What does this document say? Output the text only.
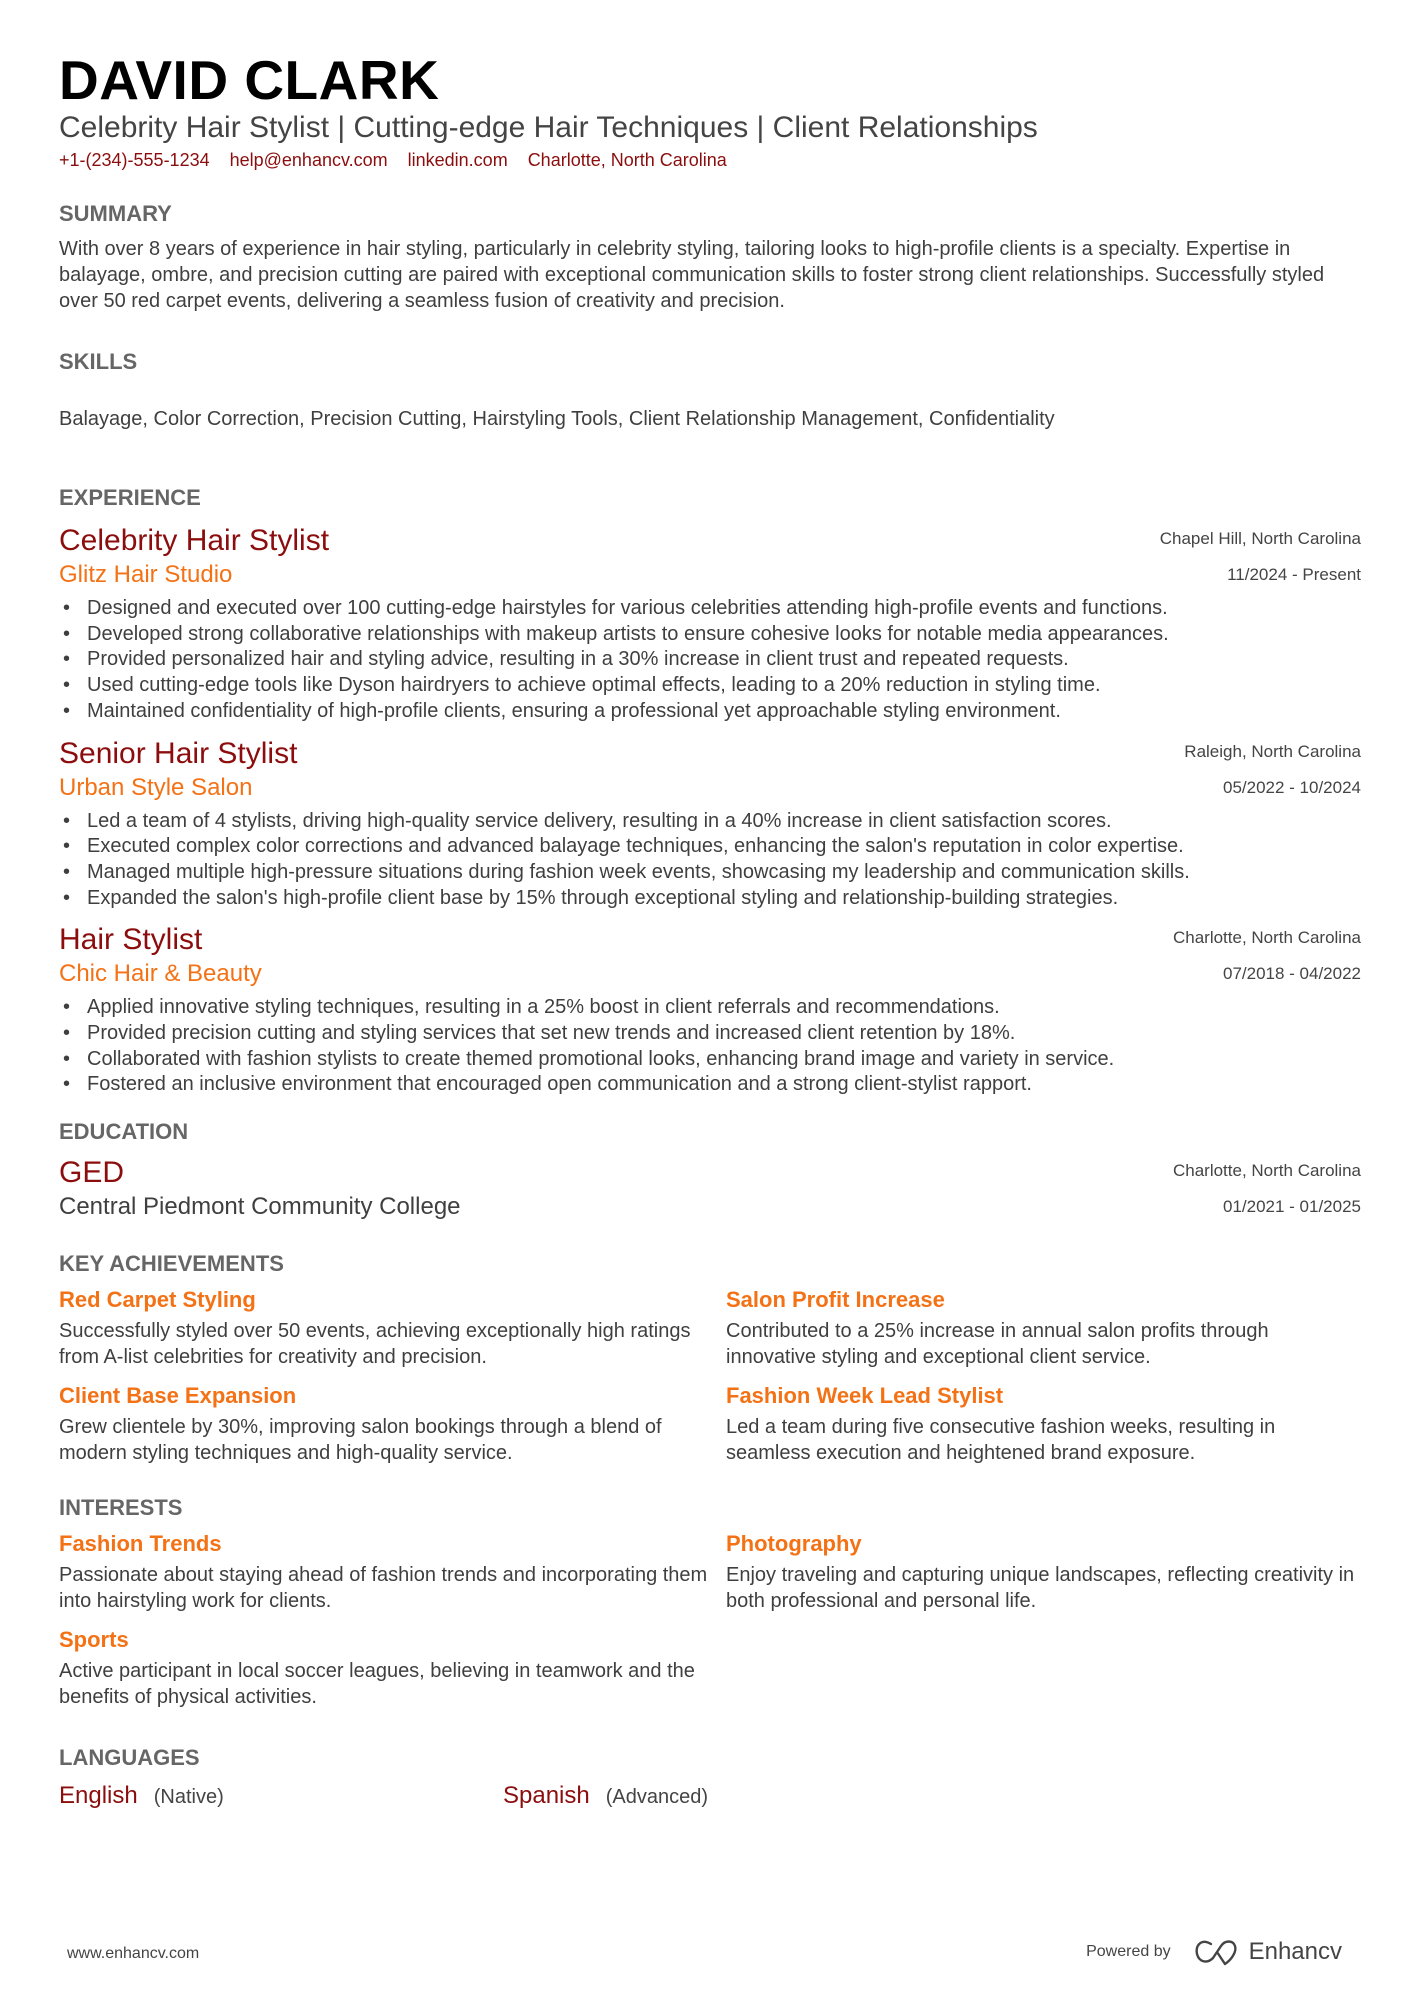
DAVID CLARK
Celebrity Hair Stylist | Cutting-edge Hair Techniques | Client Relationships
+1-(234)-555-1234 help@enhancv.com linkedin.com Charlotte, North Carolina
SUMMARY

With over 8 years of experience in hair styling, particularly in celebrity styling, tailoring looks to high-profile clients is a specialty. Expertise in balayage, ombre, and precision cutting are paired with exceptional communication skills to foster strong client relationships. Successfully styled over 50 red carpet events, delivering a seamless fusion of creativity and precision.

SKILLS

Balayage, Color Correction, Precision Cutting, Hairstyling Tools, Client Relationship Management, Confidentiality

EXPERIENCE
Celebrity Hair Stylist
Glitz Hair Studio
Chapel Hill, North Carolina
11/2024 - Present
• Designed and executed over 100 cutting-edge hairstyles for various celebrities attending high-profile events and functions.
• Developed strong collaborative relationships with makeup artists to ensure cohesive looks for notable media appearances.
• Provided personalized hair and styling advice, resulting in a 30% increase in client trust and repeated requests.
• Used cutting-edge tools like Dyson hairdryers to achieve optimal effects, leading to a 20% reduction in styling time.
• Maintained confidentiality of high-profile clients, ensuring a professional yet approachable styling environment.
Senior Hair Stylist
Urban Style Salon
Raleigh, North Carolina
05/2022 - 10/2024
• Led a team of 4 stylists, driving high-quality service delivery, resulting in a 40% increase in client satisfaction scores.
• Executed complex color corrections and advanced balayage techniques, enhancing the salon's reputation in color expertise.
• Managed multiple high-pressure situations during fashion week events, showcasing my leadership and communication skills.
• Expanded the salon's high-profile client base by 15% through exceptional styling and relationship-building strategies.
Hair Stylist
Chic Hair & Beauty
Charlotte, North Carolina
07/2018 - 04/2022
• Applied innovative styling techniques, resulting in a 25% boost in client referrals and recommendations.
• Provided precision cutting and styling services that set new trends and increased client retention by 18%.
• Collaborated with fashion stylists to create themed promotional looks, enhancing brand image and variety in service.
• Fostered an inclusive environment that encouraged open communication and a strong client-stylist rapport.
EDUCATION
GED
Central Piedmont Community College
Charlotte, North Carolina
01/2021 - 01/2025
KEY ACHIEVEMENTS
Red Carpet Styling
Successfully styled over 50 events, achieving exceptionally high ratings from A-list celebrities for creativity and precision.
Salon Profit Increase
Contributed to a 25% increase in annual salon profits through innovative styling and exceptional client service.
Client Base Expansion
Grew clientele by 30%, improving salon bookings through a blend of modern styling techniques and high-quality service.
Fashion Week Lead Stylist
Led a team during five consecutive fashion weeks, resulting in seamless execution and heightened brand exposure.
INTERESTS
Fashion Trends
Passionate about staying ahead of fashion trends and incorporating them into hairstyling work for clients.
Photography
Enjoy traveling and capturing unique landscapes, reflecting creativity in both professional and personal life.
Sports
Active participant in local soccer leagues, believing in teamwork and the benefits of physical activities.
LANGUAGES
English (Native)	Spanish (Advanced)
www.enhancv.com	Powered by	Enhancv
